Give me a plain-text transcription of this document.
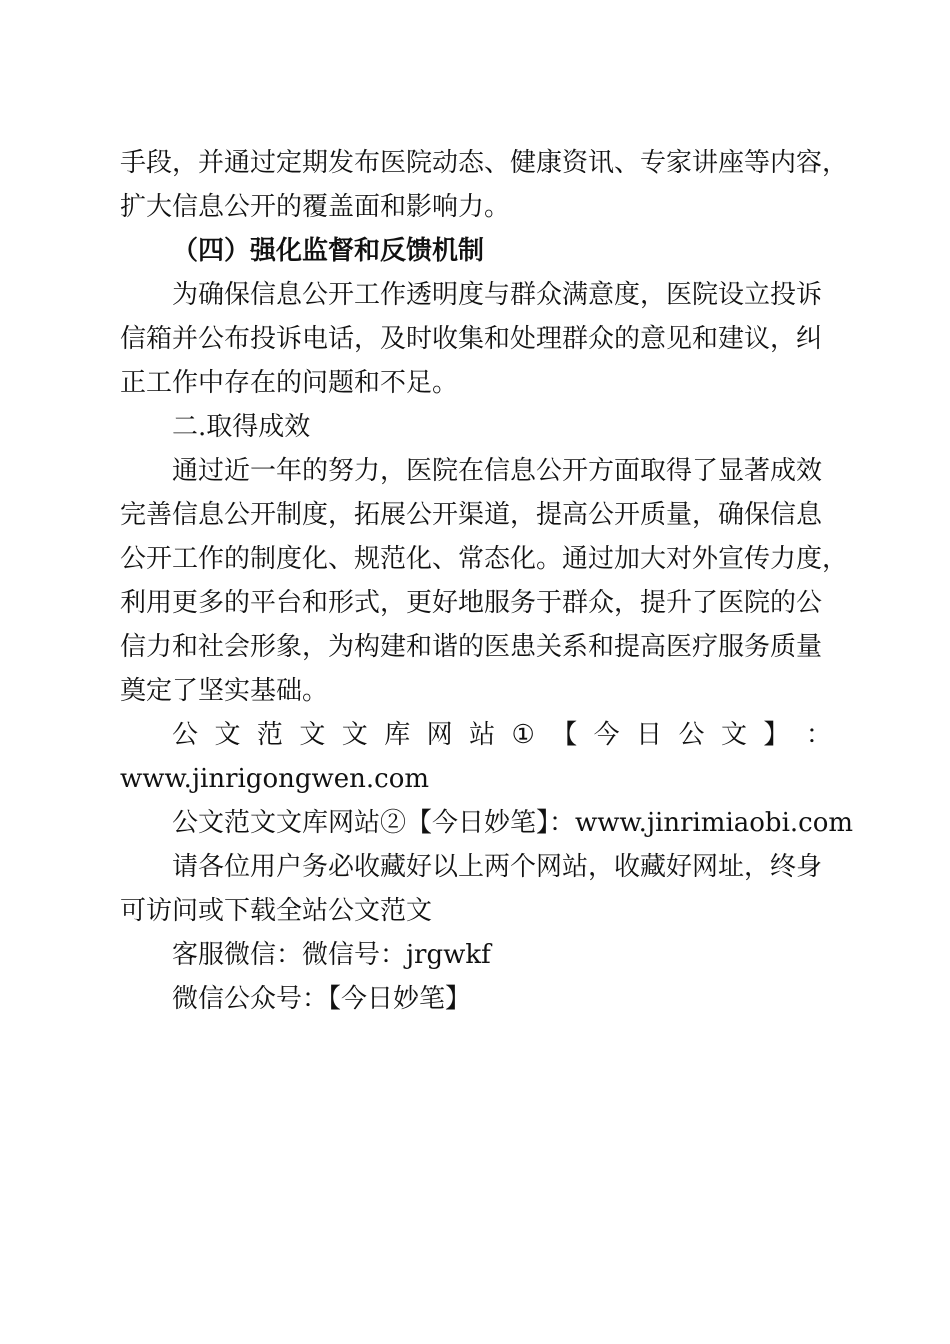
手段，并通过定期发布医院动态、健康资讯、专家讲座等内容，
扩大信息公开的覆盖面和影响力。

（四）强化监督和反馈机制

为确保信息公开工作透明度与群众满意度，医院设立投诉
信箱并公布投诉电话，及时收集和处理群众的意见和建议，纠
正工作中存在的问题和不足。

二.取得成效

通过近一年的努力，医院在信息公开方面取得了显著成效
完善信息公开制度，拓展公开渠道，提高公开质量，确保信息
公开工作的制度化、规范化、常态化。通过加大对外宣传力度，
利用更多的平台和形式，更好地服务于群众，提升了医院的公
信力和社会形象，为构建和谐的医患关系和提高医疗服务质量
奠定了坚实基础。

公 文 范 文 文 库 网 站 ① 【 今 日 公 文 】 ：
www.jinrigongwen.com

公文范文文库网站②【今日妙笔】：www.jinrimiaobi.com

请各位用户务必收藏好以上两个网站，收藏好网址，终身
可访问或下载全站公文范文

客服微信：微信号：jrgwkf

微信公众号：【今日妙笔】
